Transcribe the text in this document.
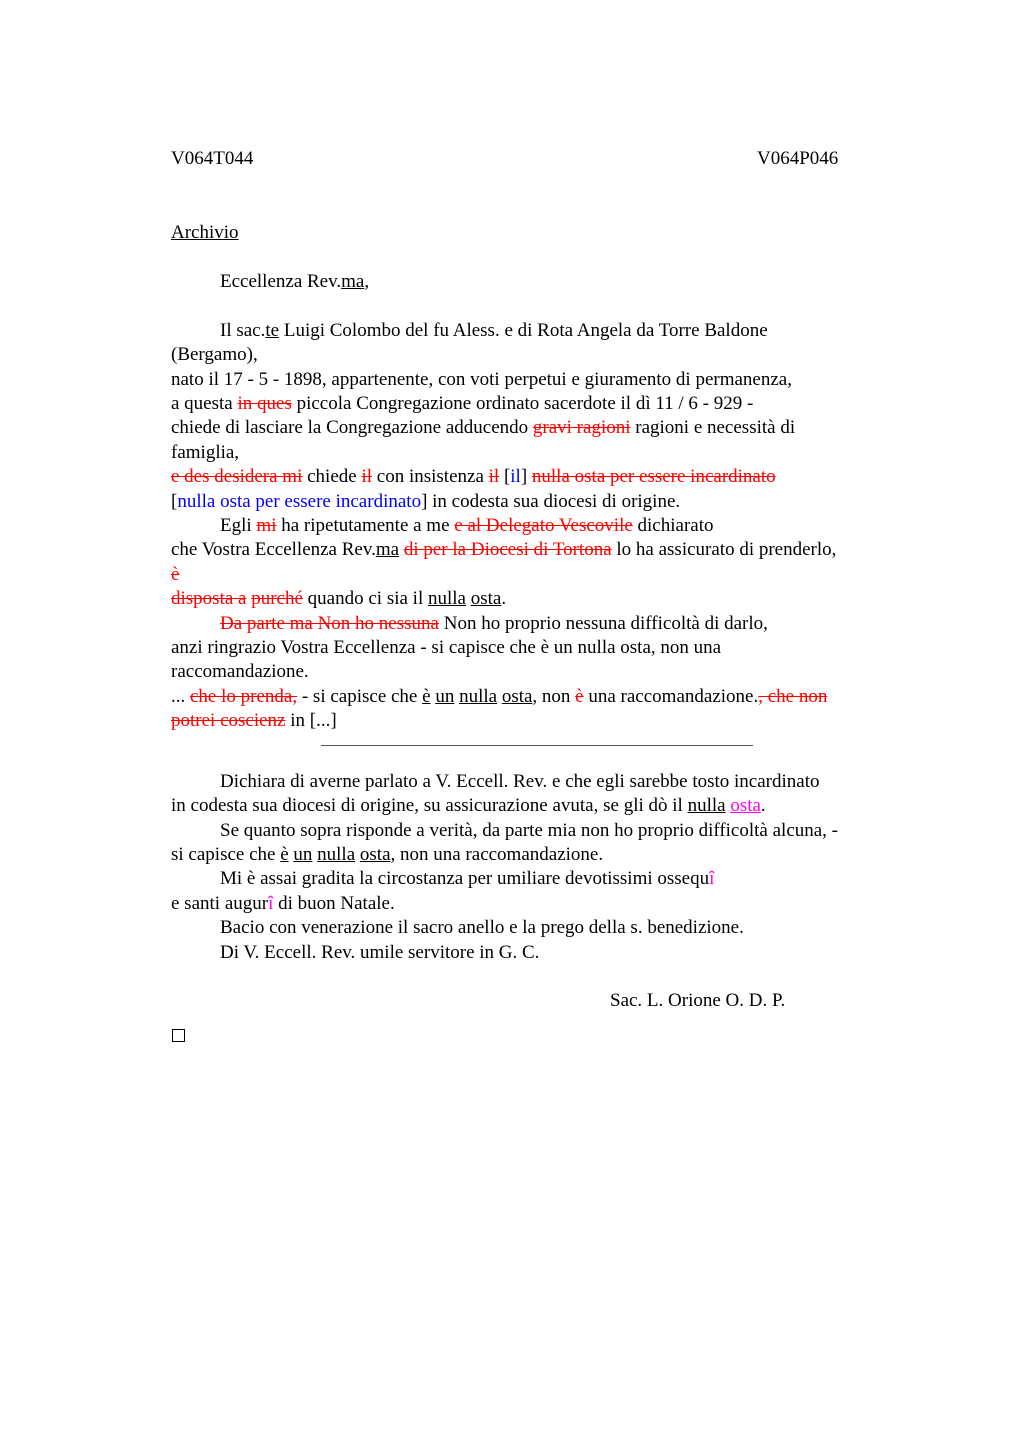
V064T044	V064P046
Archivio
Eccellenza Rev.ma,
Il sac.te Luigi Colombo del fu Aless. e di Rota Angela da Torre Baldone
(Bergamo),
nato il 17 - 5 - 1898, appartenente, con voti perpetui e giuramento di permanenza,
a questa in ques piccola Congregazione ordinato sacerdote il dì 11 / 6 - 929 -
chiede di lasciare la Congregazione adducendo gravi ragioni ragioni e necessità di
famiglia,
e des desidera mi chiede il con insistenza il [il] nulla osta per essere incardinato
[nulla osta per essere incardinato] in codesta sua diocesi di origine.
Egli mi ha ripetutamente a me e al Delegato Vescovile dichiarato
che Vostra Eccellenza Rev.ma di per la Diocesi di Tortona lo ha assicurato di prenderlo,
è
disposta a purché quando ci sia il nulla osta.
Da parte ma Non ho nessuna Non ho proprio nessuna difficoltà di darlo,
anzi ringrazio Vostra Eccellenza - si capisce che è un nulla osta, non una
raccomandazione.
... che lo prenda, - si capisce che è un nulla osta, non è una raccomandazione., che non
potrei coscienz in [...]
Dichiara di averne parlato a V. Eccell. Rev. e che egli sarebbe tosto incardinato
in codesta sua diocesi di origine, su assicurazione avuta, se gli dò il nulla osta.
Se quanto sopra risponde a verità, da parte mia non ho proprio difficoltà alcuna, -
si capisce che è un nulla osta, non una raccomandazione.
Mi è assai gradita la circostanza per umiliare devotissimi ossequî
e santi augurî di buon Natale.
Bacio con venerazione il sacro anello e la prego della s. benedizione.
Di V. Eccell. Rev. umile servitore in G. C.
Sac. L. Orione O. D. P.
